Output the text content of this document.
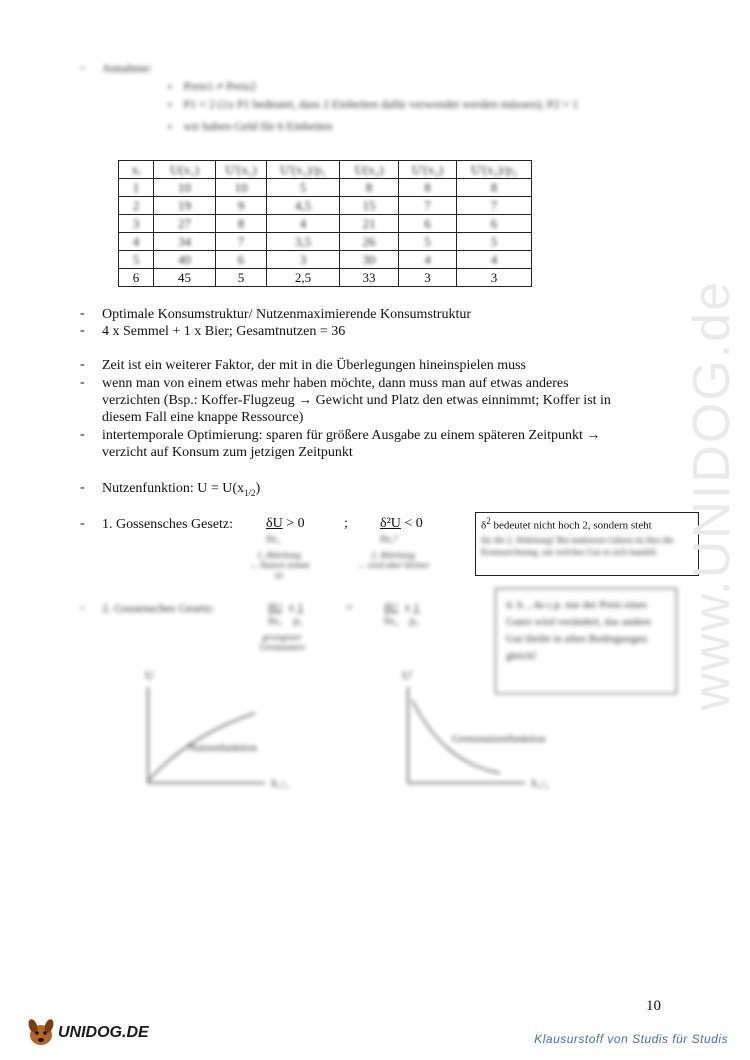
- Annahme:
▪ Preis1 ≠ Preis2
▪ P1 = 2 (1x P1 bedeutet, dass 2 Einheiten dafür verwendet werden müssen); P2 = 1
▪ wir haben Geld für 6 Einheiten
xᵢ	U(x₁)	U'(x₁)	U'(x₁)/p₁	U(x₂)	U'(x₂)	U'(x₂)/p₂
1	10	10	5	8	8	8
2	19	9	4,5	15	7	7
3	27	8	4	21	6	6
4	34	7	3,5	26	5	5
5	40	6	3	30	4	4
6	45	5	2,5	33	3	3
- Optimale Konsumstruktur/ Nutzenmaximierende Konsumstruktur
- 4 x Semmel + 1 x Bier; Gesamtnutzen = 36
- Zeit ist ein weiterer Faktor, der mit in die Überlegungen hineinspielen muss
- wenn man von einem etwas mehr haben möchte, dann muss man auf etwas anderes
verzichten (Bsp.: Koffer-Flugzeug → Gewicht und Platz den etwas einnimmt; Koffer ist in
diesem Fall eine knappe Ressource)
- intertemporale Optimierung: sparen für größere Ausgabe zu einem späteren Zeitpunkt →
verzicht auf Konsum zum jetzigen Zeitpunkt
- Nutzenfunktion: $U = U(x_{1/2})$
- 1. Gossensches Gesetz: δU > 0	; δ²U < 0
δx₁	δx₁²
1. Ableitung
→ Nutzen nimmt zu
2. Ableitung
→ wird aber kleiner
$\delta^2$ bedeutet nicht hoch 2, sondern steht
für die 2. Ableitung! Bei mehreren Gütern ist dies die Kennzeichnung, um welches Gut es sich handelt.
- 2. Gossensches Gesetz:	δU  x 1
δx₁ p₁
=	δU  x 1
δx₂ p₂
gewogener
Grenznutzen
d. h. , da c.p. nur der Preis eines Gutes wird verändert, das andere Gut bleibt in allen Bedingungen gleich!
U
X₁/₂
Nutzenfunktion
U'
X₁/₂
Grenznutzenfunktion
www.UNIDOG.de
10
UNIDOG.DE	Klausurstoff von Studis für Studis
